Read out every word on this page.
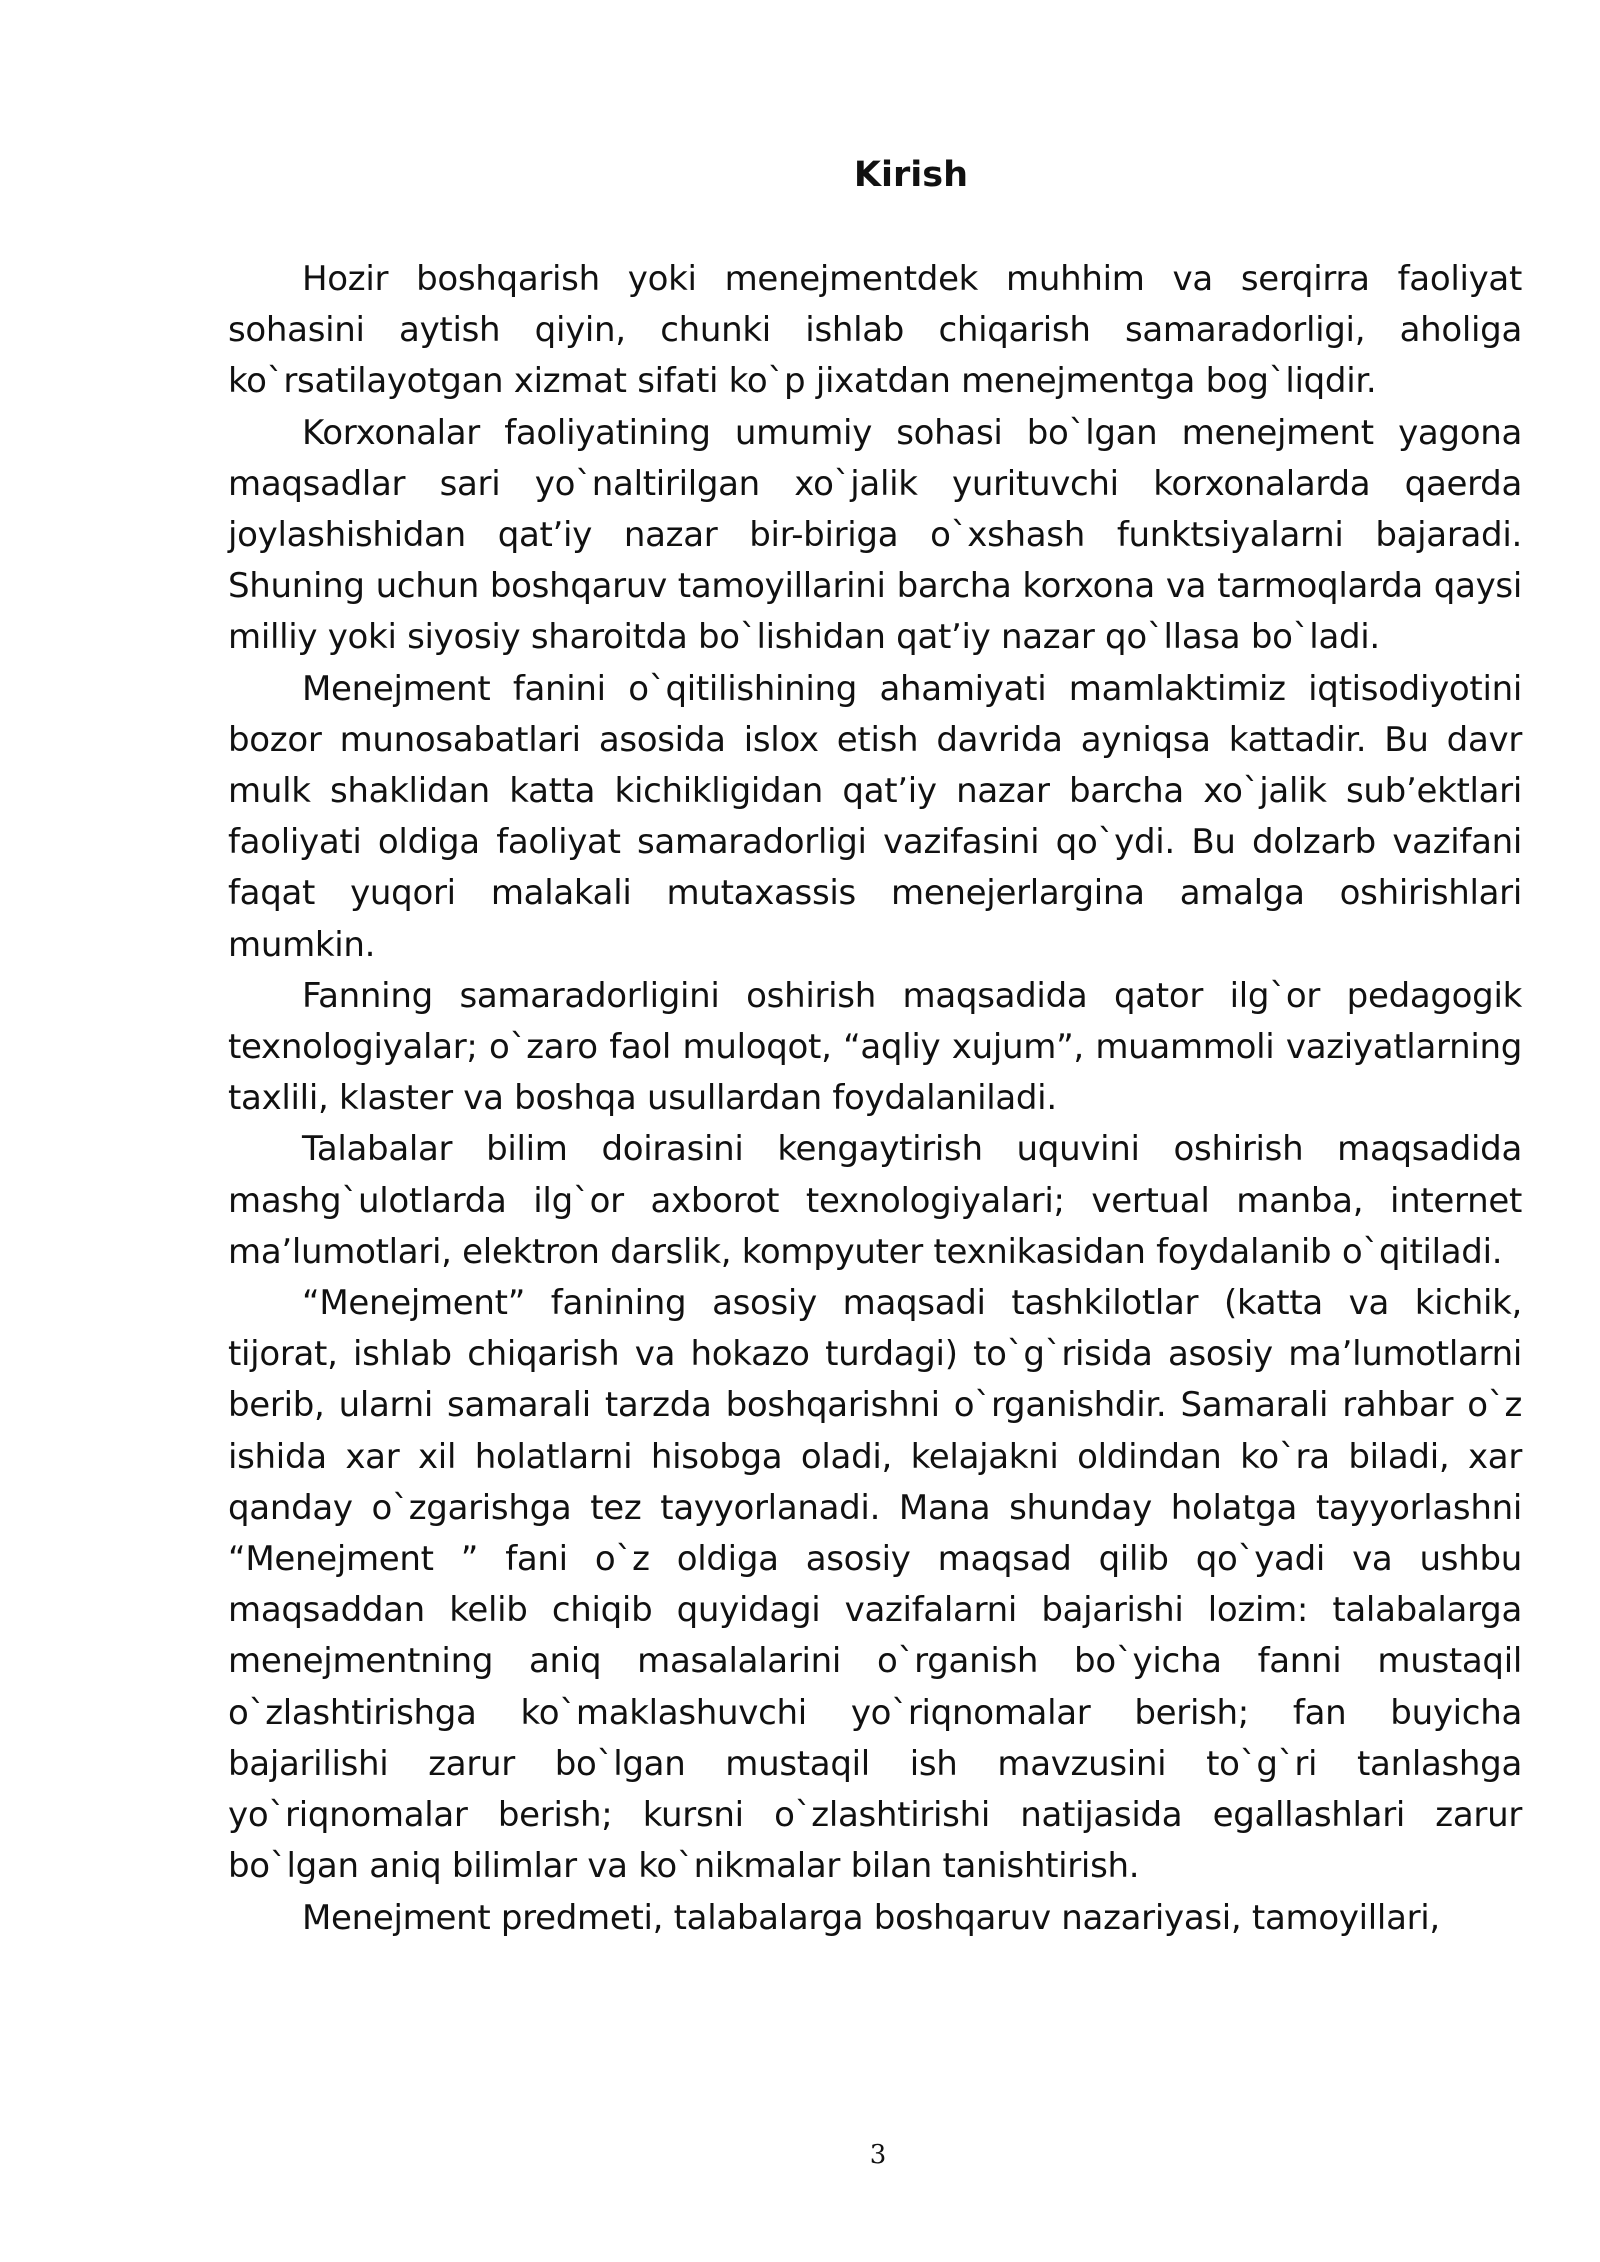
Kirish

Hozir boshqarish yoki menejmentdek muhhim va serqirra faoliyat sohasini aytish qiyin, chunki ishlab chiqarish samaradorligi, aholiga ko`rsatilayotgan xizmat sifati ko`p jixatdan menejmentga bog`liqdir.

Korxonalar faoliyatining umumiy sohasi bo`lgan menejment yagona maqsadlar sari yo`naltirilgan xo`jalik yurituvchi korxonalarda qaerda joylashishidan qat’iy nazar bir-biriga o`xshash funktsiyalarni bajaradi. Shuning uchun boshqaruv tamoyillarini barcha korxona va tarmoqlarda qaysi milliy yoki siyosiy sharoitda bo`lishidan qat’iy nazar qo`llasa bo`ladi.

Menejment fanini o`qitilishining ahamiyati mamlaktimiz iqtisodiyotini bozor munosabatlari asosida islox etish davrida ayniqsa kattadir. Bu davr mulk shaklidan katta kichikligidan qat’iy nazar barcha xo`jalik sub’ektlari faoliyati oldiga faoliyat samaradorligi vazifasini qo`ydi. Bu dolzarb vazifani faqat yuqori malakali mutaxassis menejerlargina amalga oshirishlari mumkin.

Fanning samaradorligini oshirish maqsadida qator ilg`or pedagogik texnologiyalar; o`zaro faol muloqot, “aqliy xujum”, muammoli vaziyatlarning taxlili, klaster va boshqa usullardan foydalaniladi.

Talabalar bilim doirasini kengaytirish uquvini oshirish maqsadida mashg`ulotlarda ilg`or axborot texnologiyalari; vertual manba, internet ma’lumotlari, elektron darslik, kompyuter texnikasidan foydalanib o`qitiladi.

“Menejment” fanining asosiy maqsadi tashkilotlar (katta va kichik, tijorat, ishlab chiqarish va hokazo turdagi) to`g`risida asosiy ma’lumotlarni berib, ularni samarali tarzda boshqarishni o`rganishdir. Samarali rahbar o`z ishida xar xil holatlarni hisobga oladi, kelajakni oldindan ko`ra biladi, xar qanday o`zgarishga tez tayyorlanadi. Mana shunday holatga tayyorlashni “Menejment ” fani o`z oldiga asosiy maqsad qilib qo`yadi va ushbu maqsaddan kelib chiqib quyidagi vazifalarni bajarishi lozim: talabalarga menejmentning aniq masalalarini o`rganish bo`yicha fanni mustaqil o`zlashtirishga ko`maklashuvchi yo`riqnomalar berish; fan buyicha bajarilishi zarur bo`lgan mustaqil ish mavzusini to`g`ri tanlashga yo`riqnomalar berish; kursni o`zlashtirishi natijasida egallashlari zarur bo`lgan aniq bilimlar va ko`nikmalar bilan tanishtirish.

Menejment predmeti, talabalarga boshqaruv nazariyasi, tamoyillari,

3
